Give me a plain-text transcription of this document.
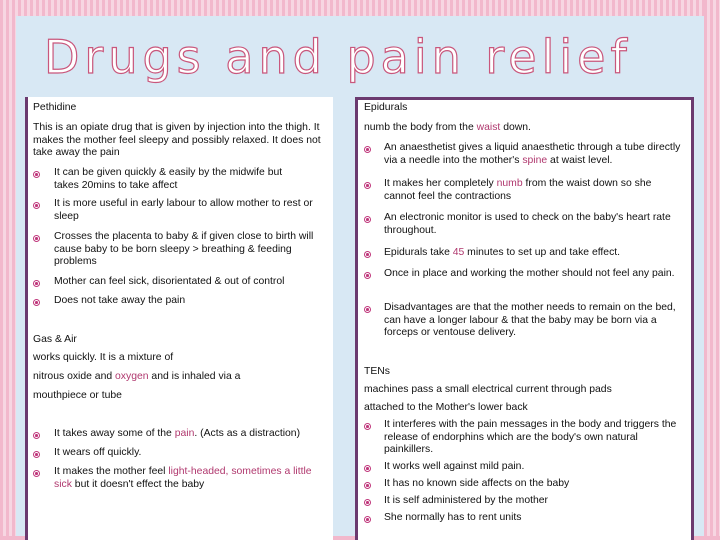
Drugs and pain relief
Pethidine
This is an opiate drug that is given by injection into the thigh. It makes the mother feel sleepy and possibly relaxed. It does not take away the pain
It can be given quickly & easily by the midwife but takes 20mins to take affect
It is more useful in early labour to allow mother to rest or sleep
Crosses the placenta to baby & if given close to birth will cause baby to be born sleepy > breathing & feeding problems
Mother can feel sick, disorientated & out of control
Does not take away the pain
Gas & Air
works quickly. It is a mixture of
nitrous oxide and oxygen and is inhaled via a
mouthpiece or tube
It takes away some of the pain. (Acts as a distraction)
It wears off quickly.
It makes the mother feel light-headed, sometimes a little sick but it doesn't effect the baby
Epidurals
numb the body from the waist down.
An anaesthetist gives a liquid anaesthetic through a tube directly via a needle into the mother's spine at waist level.
It makes her completely numb from the waist down so she cannot feel the contractions
An electronic monitor is used to check on the baby's heart rate throughout.
Epidurals take 45 minutes to set up and take effect.
Once in place and working the mother should not feel any pain.
Disadvantages are that the mother needs to remain on the bed, can have a longer labour & that the baby may be born via a forceps or ventouse delivery.
TENs
machines pass a small electrical current through pads
attached to the Mother's lower back
It interferes with the pain messages in the body and triggers the release of endorphins which are the body's own natural painkillers.
It works well against mild pain.
It has no known side affects on the baby
It is self administered by the mother
She normally has to rent units
